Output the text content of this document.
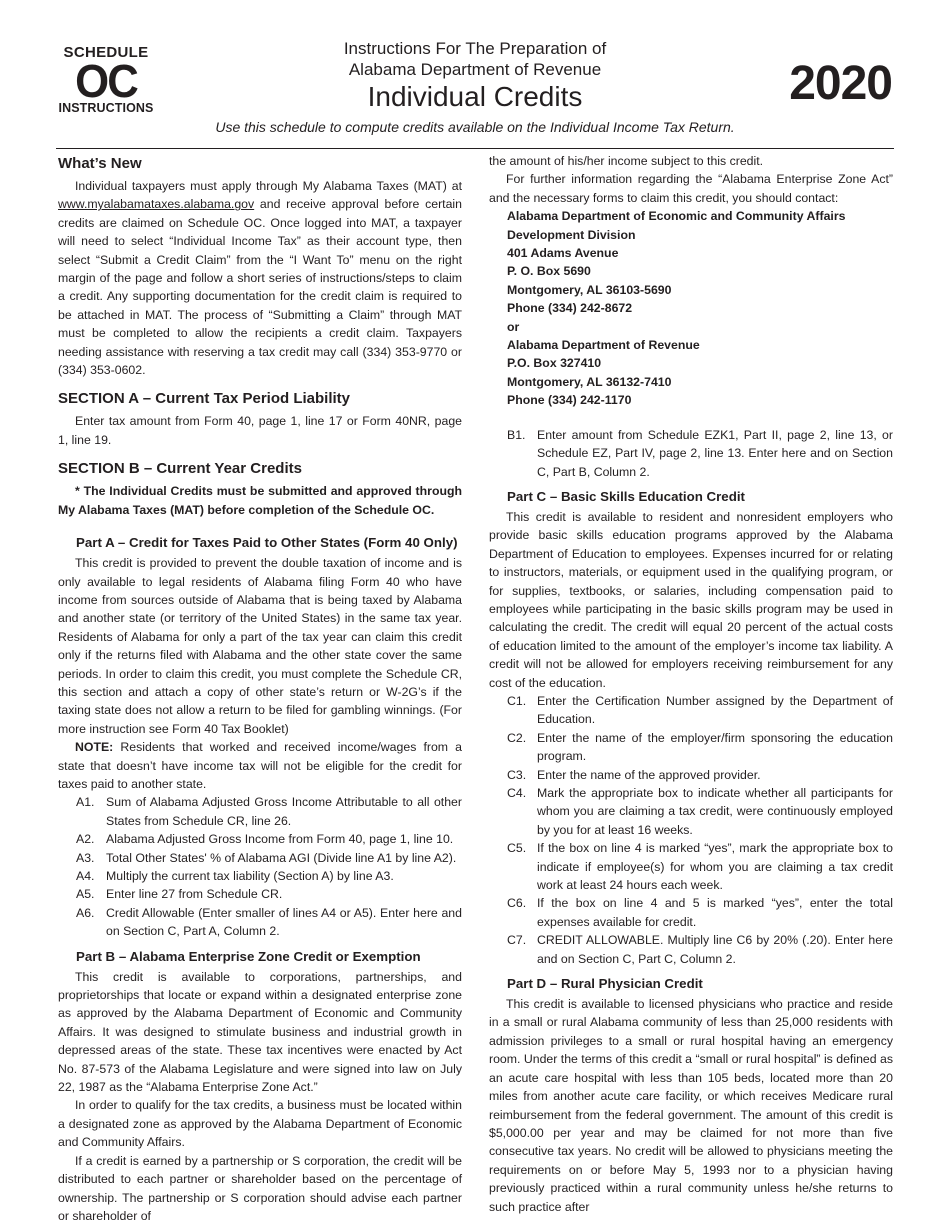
SCHEDULE
OC
INSTRUCTIONS
Instructions For The Preparation of
Alabama Department of Revenue
Individual Credits
Use this schedule to compute credits available on the Individual Income Tax Return.
2020
What’s New

Individual taxpayers must apply through My Alabama Taxes (MAT) at www.myalabamataxes.alabama.gov and receive approval before certain credits are claimed on Schedule OC. Once logged into MAT, a taxpayer will need to select “Individual Income Tax” as their account type, then select “Submit a Credit Claim” from the “I Want To” menu on the right margin of the page and follow a short series of instructions/steps to claim a credit. Any supporting documentation for the credit claim is required to be attached in MAT. The process of “Submitting a Claim” through MAT must be completed to allow the recipients a credit claim. Taxpayers needing assistance with reserving a tax credit may call (334) 353-9770 or (334) 353-0602.

SECTION A – Current Tax Period Liability

Enter tax amount from Form 40, page 1, line 17 or Form 40NR, page 1, line 19.

SECTION B – Current Year Credits

* The Individual Credits must be submitted and approved through My Alabama Taxes (MAT) before completion of the Schedule OC.

Part A – Credit for Taxes Paid to Other States (Form 40 Only)

This credit is provided to prevent the double taxation of income and is only available to legal residents of Alabama filing Form 40 who have income from sources outside of Alabama that is being taxed by Alabama and another state (or territory of the United States) in the same tax year. Residents of Alabama for only a part of the tax year can claim this credit only if the returns filed with Alabama and the other state cover the same periods. In order to claim this credit, you must complete the Schedule CR, this section and attach a copy of other state’s return or W-2G’s if the taxing state does not allow a return to be filed for gambling winnings. (For more instruction see Form 40 Tax Booklet)

NOTE: Residents that worked and received income/wages from a state that doesn’t have income tax will not be eligible for the credit for taxes paid to another state.

A1. Sum of Alabama Adjusted Gross Income Attributable to all other States from Schedule CR, line 26.
A2. Alabama Adjusted Gross Income from Form 40, page 1, line 10.
A3. Total Other States' % of Alabama AGI (Divide line A1 by line A2).
A4. Multiply the current tax liability (Section A) by line A3.
A5. Enter line 27 from Schedule CR.
A6. Credit Allowable (Enter smaller of lines A4 or A5). Enter here and on Section C, Part A, Column 2.
Part B – Alabama Enterprise Zone Credit or Exemption

This credit is available to corporations, partnerships, and proprietorships that locate or expand within a designated enterprise zone as approved by the Alabama Department of Economic and Community Affairs. It was designed to stimulate business and industrial growth in depressed areas of the state. These tax incentives were enacted by Act No. 87-573 of the Alabama Legislature and were signed into law on July 22, 1987 as the “Alabama Enterprise Zone Act.”

In order to qualify for the tax credits, a business must be located within a designated zone as approved by the Alabama Department of Economic and Community Affairs.

If a credit is earned by a partnership or S corporation, the credit will be distributed to each partner or shareholder based on the percentage of ownership. The partnership or S corporation should advise each partner or shareholder of

the amount of his/her income subject to this credit.

For further information regarding the “Alabama Enterprise Zone Act” and the necessary forms to claim this credit, you should contact:

Alabama Department of Economic and Community Affairs
Development Division
401 Adams Avenue
P. O. Box 5690
Montgomery, AL 36103-5690
Phone (334) 242-8672
or
Alabama Department of Revenue
P.O. Box 327410
Montgomery, AL 36132-7410
Phone (334) 242-1170
B1. Enter amount from Schedule EZK1, Part II, page 2, line 13, or Schedule EZ, Part IV, page 2, line 13. Enter here and on Section C, Part B, Column 2.
Part C – Basic Skills Education Credit

This credit is available to resident and nonresident employers who provide basic skills education programs approved by the Alabama Department of Education to employees. Expenses incurred for or relating to instructors, materials, or equipment used in the qualifying program, or for supplies, textbooks, or salaries, including compensation paid to employees while participating in the basic skills program may be used in calculating the credit. The credit will equal 20 percent of the actual costs of education limited to the amount of the employer’s income tax liability. A credit will not be allowed for employers receiving reimbursement for any cost of the education.

C1. Enter the Certification Number assigned by the Department of Education.
C2. Enter the name of the employer/firm sponsoring the education program.
C3. Enter the name of the approved provider.
C4. Mark the appropriate box to indicate whether all participants for whom you are claiming a tax credit, were continuously employed by you for at least 16 weeks.
C5. If the box on line 4 is marked “yes”, mark the appropriate box to indicate if employee(s) for whom you are claiming a tax credit work at least 24 hours each week.
C6. If the box on line 4 and 5 is marked “yes”, enter the total expenses available for credit.
C7. CREDIT ALLOWABLE. Multiply line C6 by 20% (.20). Enter here and on Section C, Part C, Column 2.
Part D – Rural Physician Credit

This credit is available to licensed physicians who practice and reside in a small or rural Alabama community of less than 25,000 residents with admission privileges to a small or rural hospital having an emergency room. Under the terms of this credit a “small or rural hospital” is defined as an acute care hospital with less than 105 beds, located more than 20 miles from another acute care facility, or which receives Medicare rural reimbursement from the federal government. The amount of this credit is $5,000.00 per year and may be claimed for not more than five consecutive tax years. No credit will be allowed to physicians meeting the requirements on or before May 5, 1993 nor to a physician having previously practiced within a rural community unless he/she returns to such practice after
